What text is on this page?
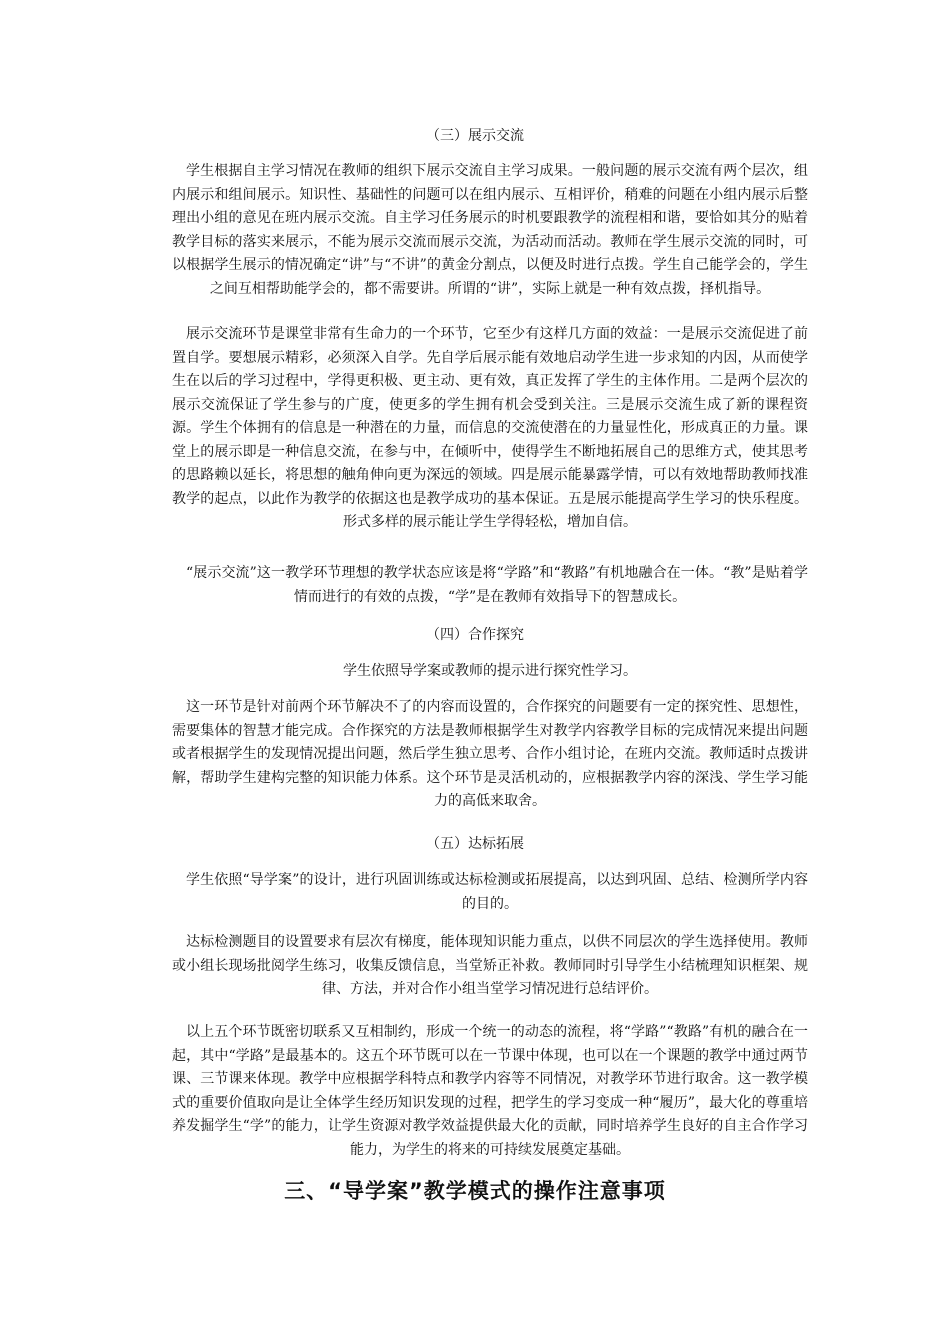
（三）展示交流
学生根据自主学习情况在教师的组织下展示交流自主学习成果。一般问题的展示交流有两个层次，组内展示和组间展示。知识性、基础性的问题可以在组内展示、互相评价，稍难的问题在小组内展示后整理出小组的意见在班内展示交流。自主学习任务展示的时机要跟教学的流程相和谐，要恰如其分的贴着教学目标的落实来展示，不能为展示交流而展示交流，为活动而活动。教师在学生展示交流的同时，可以根据学生展示的情况确定“讲”与“不讲”的黄金分割点，以便及时进行点拨。学生自己能学会的，学生之间互相帮助能学会的，都不需要讲。所谓的“讲”，实际上就是一种有效点拨，择机指导。
展示交流环节是课堂非常有生命力的一个环节，它至少有这样几方面的效益：一是展示交流促进了前置自学。要想展示精彩，必须深入自学。先自学后展示能有效地启动学生进一步求知的内因，从而使学生在以后的学习过程中，学得更积极、更主动、更有效，真正发挥了学生的主体作用。二是两个层次的展示交流保证了学生参与的广度，使更多的学生拥有机会受到关注。三是展示交流生成了新的课程资源。学生个体拥有的信息是一种潜在的力量，而信息的交流使潜在的力量显性化，形成真正的力量。课堂上的展示即是一种信息交流，在参与中，在倾听中，使得学生不断地拓展自己的思维方式，使其思考的思路赖以延长，将思想的触角伸向更为深远的领域。四是展示能暴露学情，可以有效地帮助教师找准教学的起点，以此作为教学的依据这也是教学成功的基本保证。五是展示能提高学生学习的快乐程度。形式多样的展示能让学生学得轻松，增加自信。
“展示交流”这一教学环节理想的教学状态应该是将“学路”和“教路”有机地融合在一体。“教”是贴着学情而进行的有效的点拨，“学”是在教师有效指导下的智慧成长。
（四）合作探究
学生依照导学案或教师的提示进行探究性学习。
这一环节是针对前两个环节解决不了的内容而设置的，合作探究的问题要有一定的探究性、思想性，需要集体的智慧才能完成。合作探究的方法是教师根据学生对教学内容教学目标的完成情况来提出问题或者根据学生的发现情况提出问题，然后学生独立思考、合作小组讨论，在班内交流。教师适时点拨讲解，帮助学生建构完整的知识能力体系。这个环节是灵活机动的，应根据教学内容的深浅、学生学习能力的高低来取舍。
（五）达标拓展
学生依照“导学案”的设计，进行巩固训练或达标检测或拓展提高，以达到巩固、总结、检测所学内容的目的。
达标检测题目的设置要求有层次有梯度，能体现知识能力重点，以供不同层次的学生选择使用。教师或小组长现场批阅学生练习，收集反馈信息，当堂矫正补救。教师同时引导学生小结梳理知识框架、规律、方法，并对合作小组当堂学习情况进行总结评价。
以上五个环节既密切联系又互相制约，形成一个统一的动态的流程，将“学路”“教路”有机的融合在一起，其中“学路”是最基本的。这五个环节既可以在一节课中体现，也可以在一个课题的教学中通过两节课、三节课来体现。教学中应根据学科特点和教学内容等不同情况，对教学环节进行取舍。这一教学模式的重要价值取向是让全体学生经历知识发现的过程，把学生的学习变成一种“履历”，最大化的尊重培养发掘学生“学”的能力，让学生资源对教学效益提供最大化的贡献，同时培养学生良好的自主合作学习能力，为学生的将来的可持续发展奠定基础。
三、“导学案”教学模式的操作注意事项
